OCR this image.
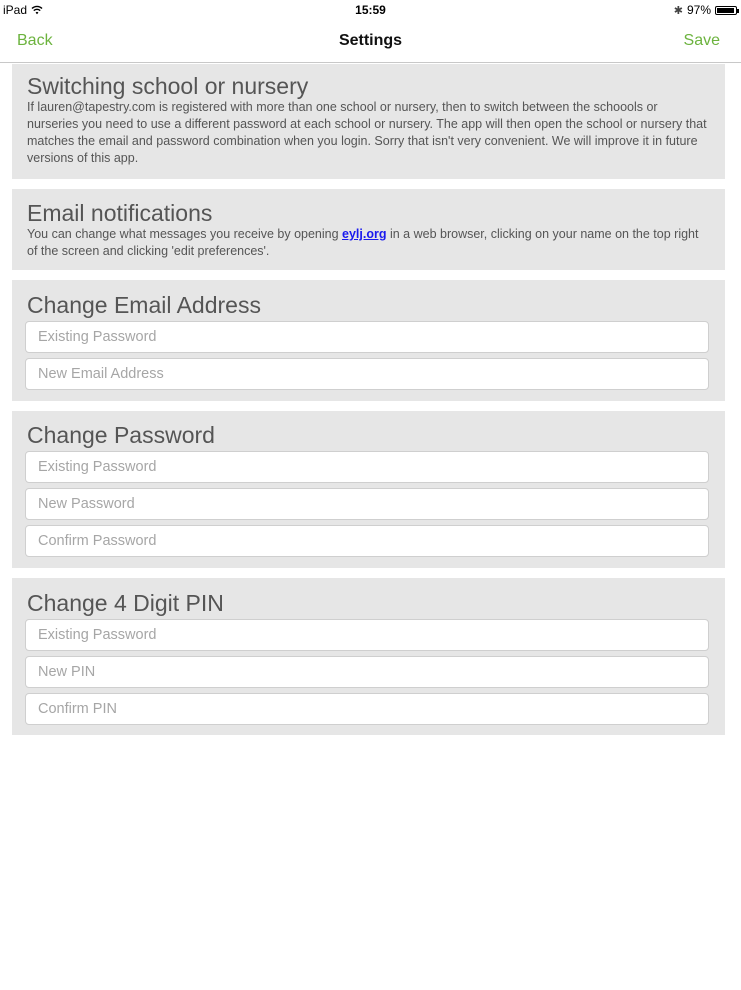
iPad	15:59	✱ 97%
Back	Settings	Save
Switching school or nursery

If lauren@tapestry.com is registered with more than one school or nursery, then to switch between the schoools or nurseries you need to use a different password at each school or nursery. The app will then open the school or nursery that matches the email and password combination when you login. Sorry that isn't very convenient. We will improve it in future versions of this app.

Email notifications

You can change what messages you receive by opening eylj.org in a web browser, clicking on your name on the top right of the screen and clicking 'edit preferences'.

Change Email Address
New Email Address
Change Password
Change 4 Digit PIN
